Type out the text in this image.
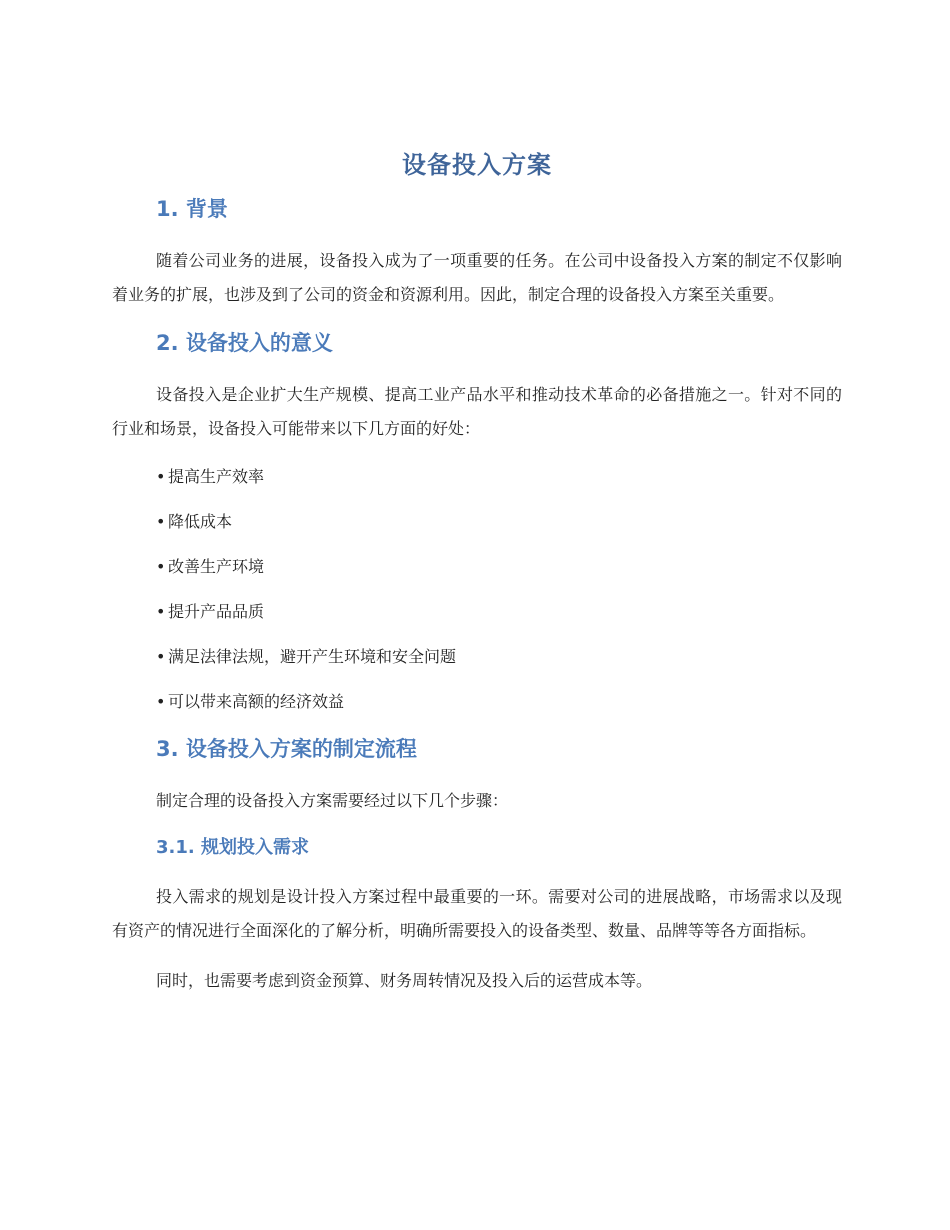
设备投入方案
1. 背景

随着公司业务的进展，设备投入成为了一项重要的任务。在公司中设备投入方案的制定不仅影响着业务的扩展，也涉及到了公司的资金和资源利用。因此，制定合理的设备投入方案至关重要。

2. 设备投入的意义

设备投入是企业扩大生产规模、提高工业产品水平和推动技术革命的必备措施之一。针对不同的行业和场景，设备投入可能带来以下几方面的好处：

• 提高生产效率
• 降低成本
• 改善生产环境
• 提升产品品质
• 满足法律法规，避开产生环境和安全问题
• 可以带来高额的经济效益
3. 设备投入方案的制定流程

制定合理的设备投入方案需要经过以下几个步骤：

3.1. 规划投入需求

投入需求的规划是设计投入方案过程中最重要的一环。需要对公司的进展战略，市场需求以及现有资产的情况进行全面深化的了解分析，明确所需要投入的设备类型、数量、品牌等等各方面指标。

同时，也需要考虑到资金预算、财务周转情况及投入后的运营成本等。
